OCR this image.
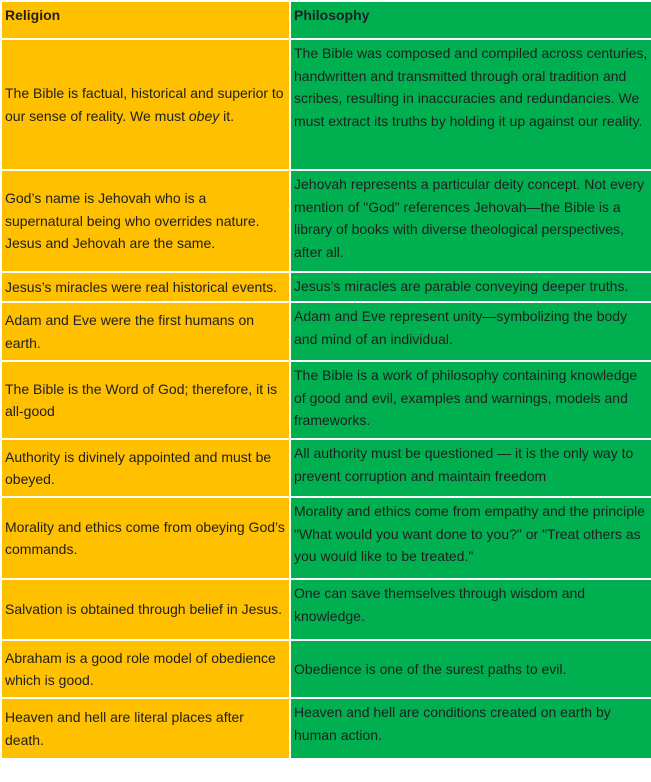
Religion	Philosophy
The Bible is factual, historical and superior to our sense of reality. We must obey it.	The Bible was composed and compiled across centuries, handwritten and transmitted through oral tradition and scribes, resulting in inaccuracies and redundancies. We must extract its truths by holding it up against our reality.
God’s name is Jehovah who is a supernatural being who overrides nature. Jesus and Jehovah are the same.	Jehovah represents a particular deity concept. Not every mention of "God" references Jehovah—the Bible is a library of books with diverse theological perspectives, after all.
Jesus’s miracles were real historical events.	Jesus’s miracles are parable conveying deeper truths.
Adam and Eve were the first humans on earth.	Adam and Eve represent unity—symbolizing the body and mind of an individual.
The Bible is the Word of God; therefore, it is all-good	The Bible is a work of philosophy containing knowledge of good and evil, examples and warnings, models and frameworks.
Authority is divinely appointed and must be obeyed.	All authority must be questioned — it is the only way to prevent corruption and maintain freedom
Morality and ethics come from obeying God’s commands.	Morality and ethics come from empathy and the principle "What would you want done to you?" or "Treat others as you would like to be treated."
Salvation is obtained through belief in Jesus.	One can save themselves through wisdom and knowledge.
Abraham is a good role model of obedience which is good.	Obedience is one of the surest paths to evil.
Heaven and hell are literal places after death.	Heaven and hell are conditions created on earth by human action.
